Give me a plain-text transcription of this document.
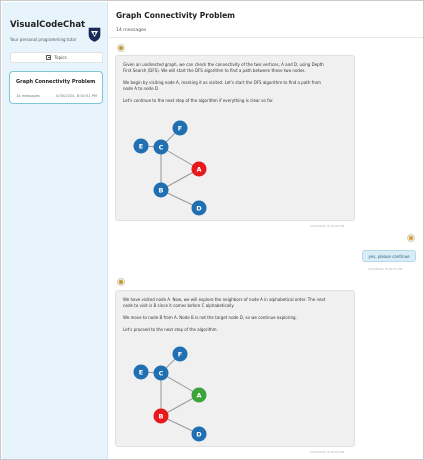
VisualCodeChat
Your personal programming tutor
Topics
Graph Connectivity Problem
14 messages	5/30/2024, 8:30:51 PM
Graph Connectivity Problem
14 messages

Given an undirected graph, we can check the connectivity of the two vertices, A and D, using Depth

First Search (DFS). We will start the DFS algorithm to find a path between these two nodes.

We begin by visiting node A, marking it as visited. Let's start the DFS algorithm to find a path from

node A to node D.

Let's continue to the next step of the algorithm if everything is clear so far.

F
E C
A
B
D
5/30/2024, 8:29:45 PM
yes, please continue
5/30/2024, 8:29:53 PM

We have visited node A. Now, we will explore the neighbors of node A in alphabetical order. The next

node to visit is B since it comes before C alphabetically.

We move to node B from A. Node B is not the target node D, so we continue exploring.

Let's proceed to the next step of the algorithm.

F
E C
A
B
D
5/30/2024, 8:30:00 PM
